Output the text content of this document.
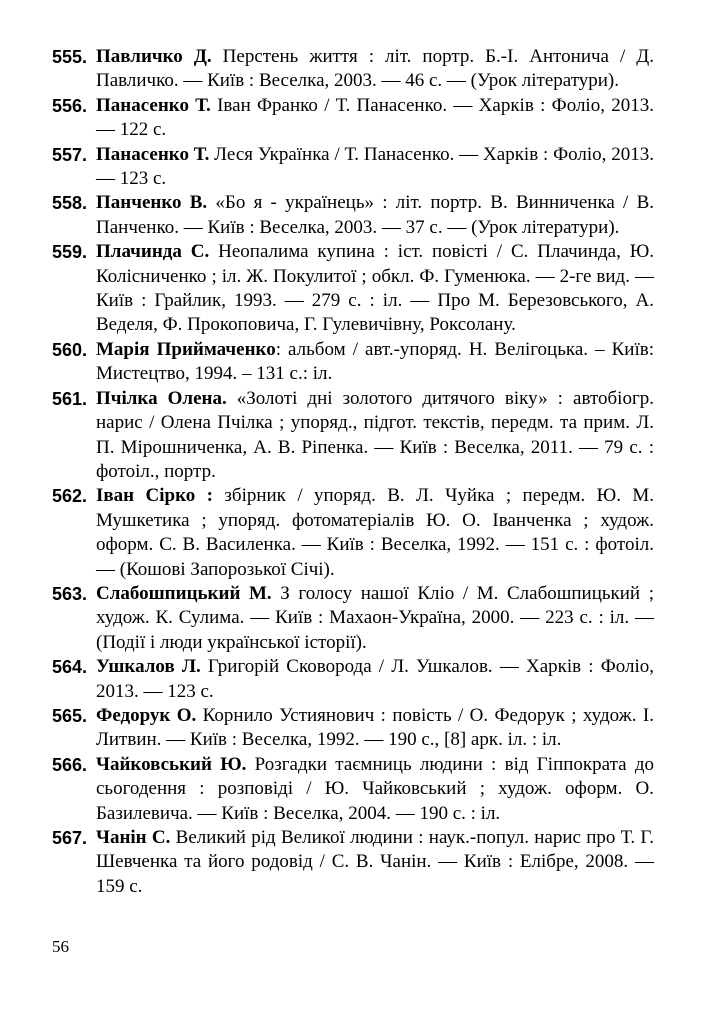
555. Павличко Д. Перстень життя : літ. портр. Б.-І. Антонича / Д. Павличко. — Київ : Веселка, 2003. — 46 с. — (Урок літератури).
556. Панасенко Т. Іван Франко / Т. Панасенко. — Харків : Фоліо, 2013. — 122 с.
557. Панасенко Т. Леся Українка / Т. Панасенко. — Харків : Фоліо, 2013. — 123 с.
558. Панченко В. «Бо я - українець» : літ. портр. В. Винниченка / В. Панченко. — Київ : Веселка, 2003. — 37 с. — (Урок літератури).
559. Плачинда С. Неопалима купина : іст. повісті / С. Плачинда, Ю. Колісниченко ; іл. Ж. Покулитої ; обкл. Ф. Гуменюка. — 2-ге вид. — Київ : Грайлик, 1993. — 279 с. : іл. — Про М. Березовського, А. Веделя, Ф. Прокоповича, Г. Гулевичівну, Роксолану.
560. Марія Приймаченко: альбом / авт.-упоряд. Н. Велігоцька. – Київ: Мистецтво, 1994. – 131 с.: іл.
561. Пчілка Олена. «Золоті дні золотого дитячого віку» : автобіогр. нарис / Олена Пчілка ; упоряд., підгот. текстів, передм. та прим. Л. П. Мірошниченка, А. В. Ріпенка. — Київ : Веселка, 2011. — 79 с. : фотоіл., портр.
562. Іван Сірко : збірник / упоряд. В. Л. Чуйка ; передм. Ю. М. Мушкетика ; упоряд. фотоматеріалів Ю. О. Іванченка ; худож. оформ. С. В. Василенка. — Київ : Веселка, 1992. — 151 с. : фотоіл. — (Кошові Запорозької Січі).
563. Слабошпицький М. З голосу нашої Кліо / М. Слабошпицький ; худож. К. Сулима. — Київ : Махаон-Україна, 2000. — 223 с. : іл. — (Події і люди української історії).
564. Ушкалов Л. Григорій Сковорода / Л. Ушкалов. — Харків : Фоліо, 2013. — 123 с.
565. Федорук О. Корнило Устиянович : повість / О. Федорук ; худож. І. Литвин. — Київ : Веселка, 1992. — 190 с., [8] арк. іл. : іл.
566. Чайковський Ю. Розгадки таємниць людини : від Гіппократа до сьогодення : розповіді / Ю. Чайковський ; худож. оформ. О. Базилевича. — Київ : Веселка, 2004. — 190 с. : іл.
567. Чанін С. Великий рід Великої людини : наук.-попул. нарис про Т. Г. Шевченка та його родовід / С. В. Чанін. — Київ : Елібре, 2008. — 159 с.
56
